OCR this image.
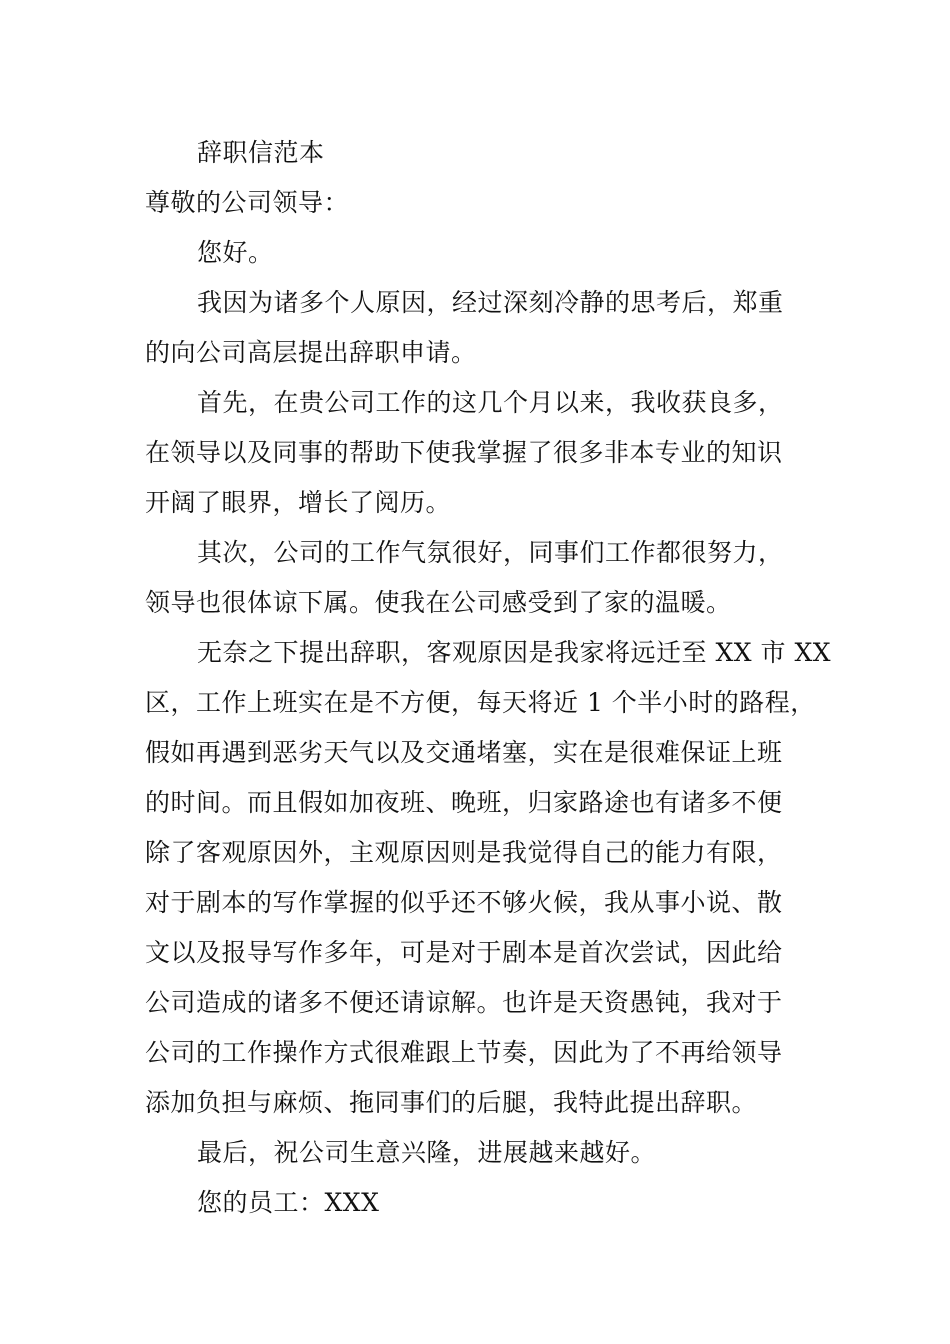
辞职信范本
尊敬的公司领导：
您好。
我因为诸多个人原因，经过深刻冷静的思考后，郑重
的向公司高层提出辞职申请。
首先，在贵公司工作的这几个月以来，我收获良多，
在领导以及同事的帮助下使我掌握了很多非本专业的知识
开阔了眼界，增长了阅历。
其次，公司的工作气氛很好，同事们工作都很努力，
领导也很体谅下属。使我在公司感受到了家的温暖。
无奈之下提出辞职，客观原因是我家将远迁至 XX 市 XX
区，工作上班实在是不方便，每天将近 1 个半小时的路程，
假如再遇到恶劣天气以及交通堵塞，实在是很难保证上班
的时间。而且假如加夜班、晚班，归家路途也有诸多不便
除了客观原因外，主观原因则是我觉得自己的能力有限，
对于剧本的写作掌握的似乎还不够火候，我从事小说、散
文以及报导写作多年，可是对于剧本是首次尝试，因此给
公司造成的诸多不便还请谅解。也许是天资愚钝，我对于
公司的工作操作方式很难跟上节奏，因此为了不再给领导
添加负担与麻烦、拖同事们的后腿，我特此提出辞职。
最后，祝公司生意兴隆，进展越来越好。
您的员工：XXX
